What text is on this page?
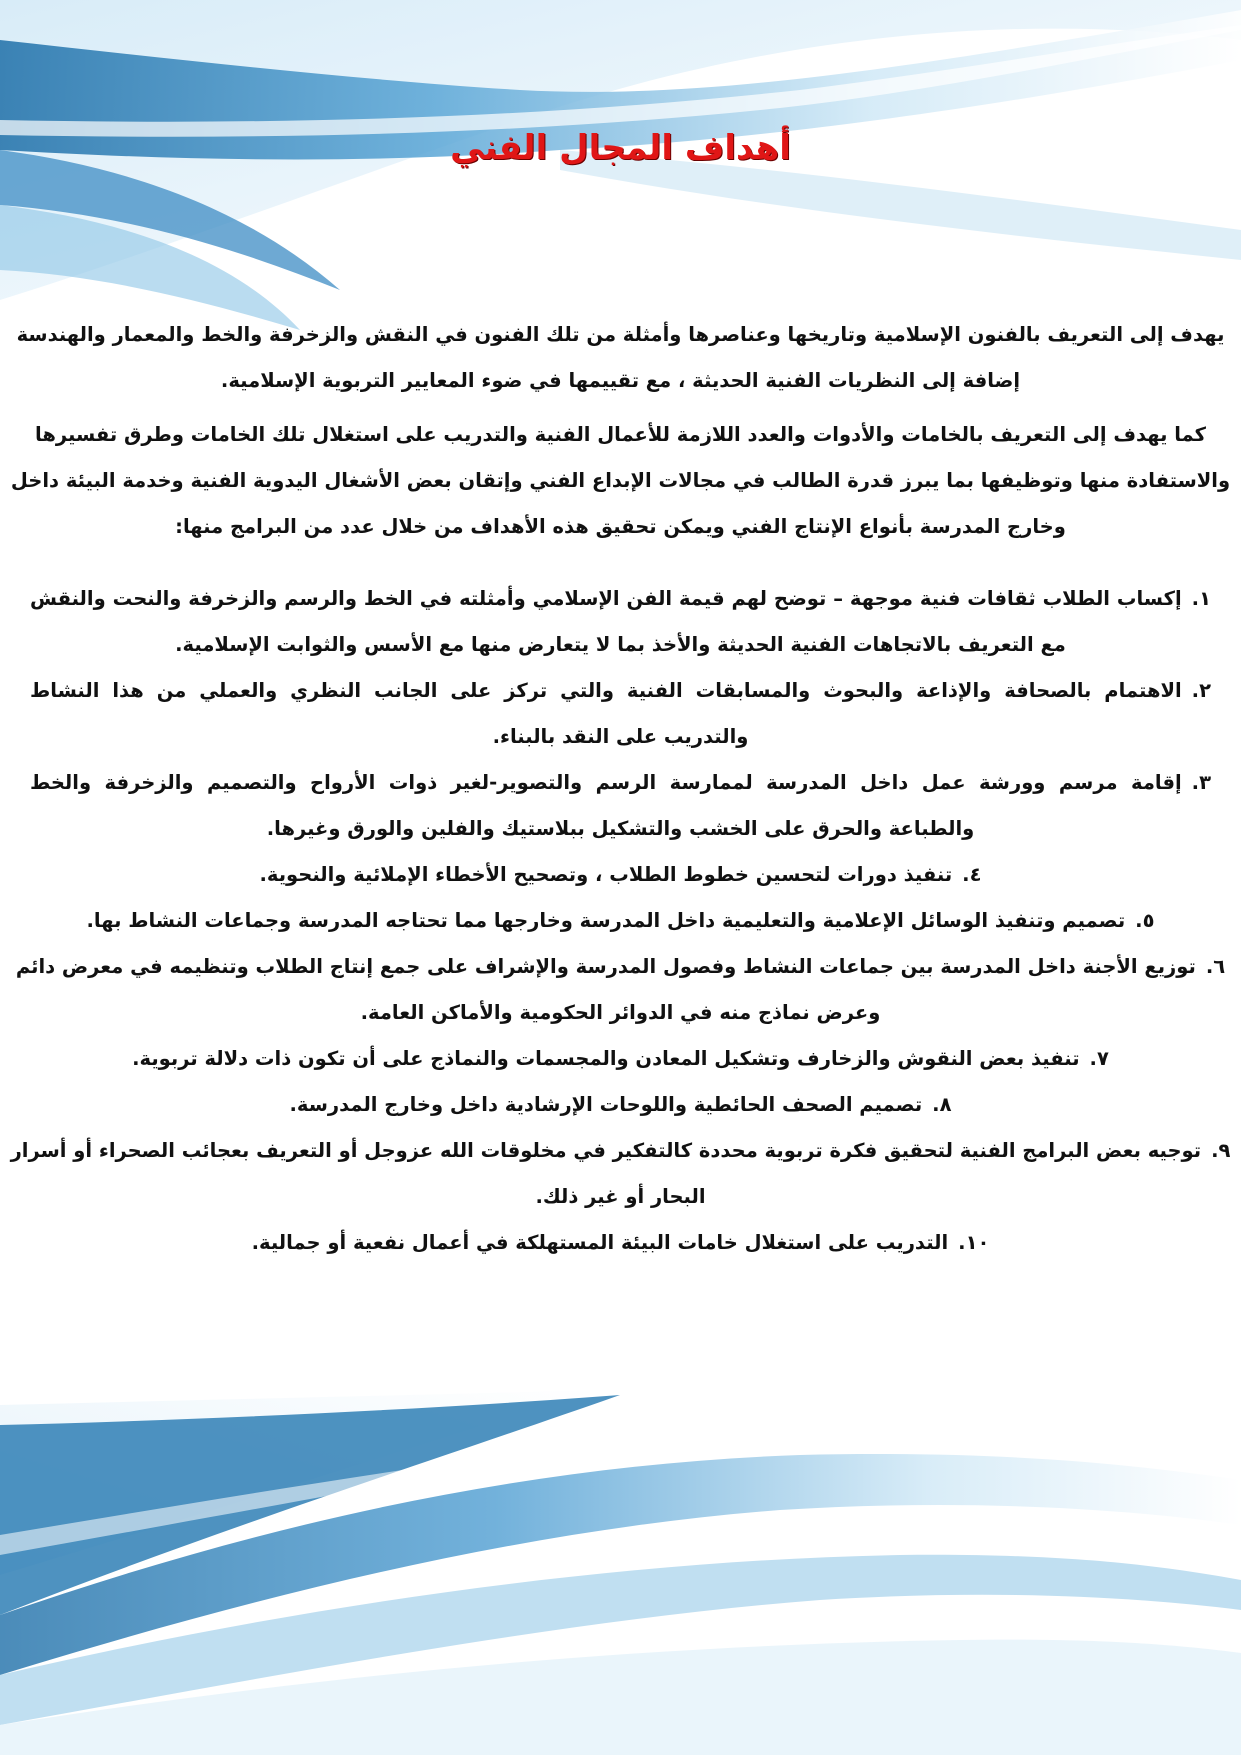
أهداف المجال الفني

يهدف إلى التعريف بالفنون الإسلامية وتاريخها وعناصرها وأمثلة من تلك الفنون في النقش والزخرفة والخط والمعمار والهندسة إضافة إلى النظريات الفنية الحديثة ، مع تقييمها في ضوء المعايير التربوية الإسلامية.

كما يهدف إلى التعريف بالخامات والأدوات والعدد اللازمة للأعمال الفنية والتدريب على استغلال تلك الخامات وطرق تفسيرها والاستفادة منها وتوظيفها بما يبرز قدرة الطالب في مجالات الإبداع الفني وإتقان بعض الأشغال اليدوية الفنية وخدمة البيئة داخل وخارج المدرسة بأنواع الإنتاج الفني ويمكن تحقيق هذه الأهداف من خلال عدد من البرامج منها:

١.إكساب الطلاب ثقافات فنية موجهة – توضح لهم قيمة الفن الإسلامي وأمثلته في الخط والرسم والزخرفة والنحت والنقش مع التعريف بالاتجاهات الفنية الحديثة والأخذ بما لا يتعارض منها مع الأسس والثوابت الإسلامية.
٢.الاهتمام بالصحافة والإذاعة والبحوث والمسابقات الفنية والتي تركز على الجانب النظري والعملي من هذا النشاط والتدريب على النقد بالبناء.
٣.إقامة مرسم وورشة عمل داخل المدرسة لممارسة الرسم والتصوير-لغير ذوات الأرواح والتصميم والزخرفة والخط والطباعة والحرق على الخشب والتشكيل ببلاستيك والفلين والورق وغيرها.
٤.تنفيذ دورات لتحسين خطوط الطلاب ، وتصحيح الأخطاء الإملائية والنحوية.
٥.تصميم وتنفيذ الوسائل الإعلامية والتعليمية داخل المدرسة وخارجها مما تحتاجه المدرسة وجماعات النشاط بها.
٦.توزيع الأجنة داخل المدرسة بين جماعات النشاط وفصول المدرسة والإشراف على جمع إنتاج الطلاب وتنظيمه في معرض دائم وعرض نماذج منه في الدوائر الحكومية والأماكن العامة.
٧.تنفيذ بعض النقوش والزخارف وتشكيل المعادن والمجسمات والنماذج على أن تكون ذات دلالة تربوية.
٨.تصميم الصحف الحائطية واللوحات الإرشادية داخل وخارج المدرسة.
٩.توجيه بعض البرامج الفنية لتحقيق فكرة تربوية محددة كالتفكير في مخلوقات الله عزوجل أو التعريف بعجائب الصحراء أو أسرار البحار أو غير ذلك.
١٠.التدريب على استغلال خامات البيئة المستهلكة في أعمال نفعية أو جمالية.
